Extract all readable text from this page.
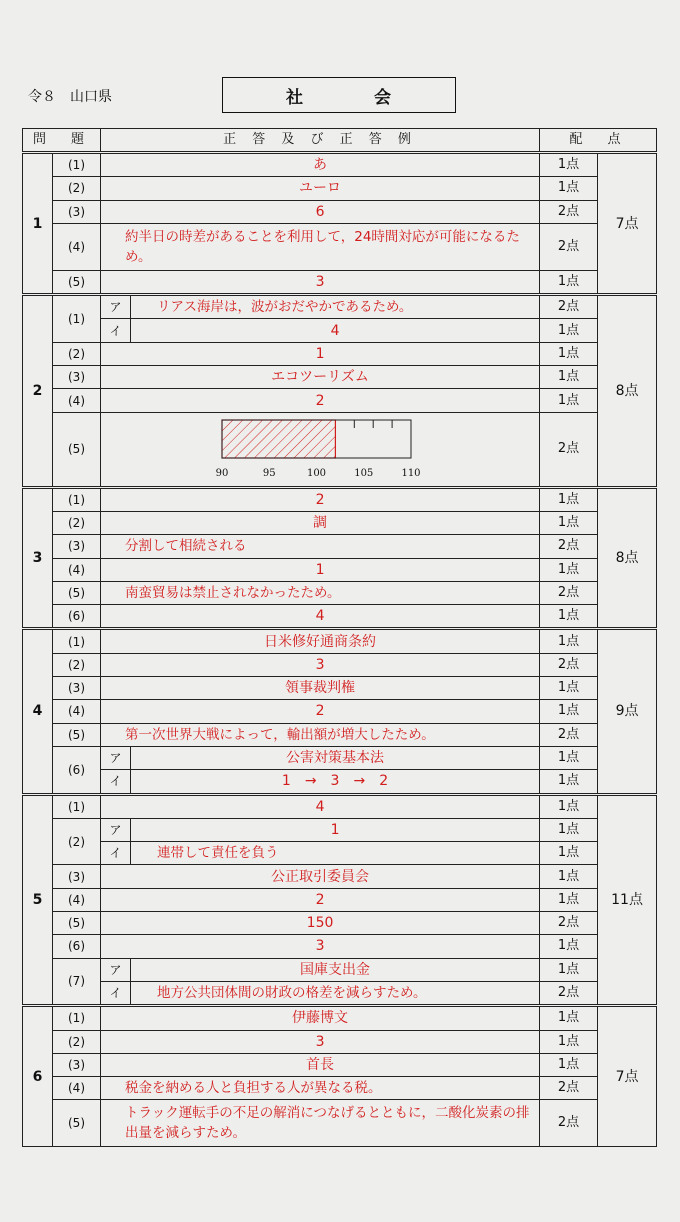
令８　山口県	社	会
問　題		正 答 及 び 正 答 例		配　点	
1	(1)	あ		1点	7点
	(2)	ユーロ		1点	
	(3)	6		2点	
	(4)	約半日の時差があることを利用して，24時間対応が可能になるため。		2点	
	(5)	3		1点	
2	(1)	ア	リアス海岸は，波がおだやかであるため。	2点	8点
		イ	4	1点	
	(2)	1		1点	
	(3)	エコツーリズム		1点	
	(4)	2		1点	
	(5)	90 95 100 105 110		2点	
3	(1)	2		1点	8点
	(2)	調		1点	
	(3)	分割して相続される		2点	
	(4)	1		1点	
	(5)	南蛮貿易は禁止されなかったため。		2点	
	(6)	4		1点	
4	(1)	日米修好通商条約		1点	9点
	(2)	3		2点	
	(3)	領事裁判権		1点	
	(4)	2		1点	
	(5)	第一次世界大戦によって，輸出額が増大したため。		2点	
	(6)	ア	公害対策基本法	1点	
		イ	1　→　3　→　2	1点	
5	(1)	4		1点	11点
	(2)	ア	1	1点	
		イ	連帯して責任を負う	1点	
	(3)	公正取引委員会		1点	
	(4)	2		1点	
	(5)	150		2点	
	(6)	3		1点	
	(7)	ア	国庫支出金	1点	
		イ	地方公共団体間の財政の格差を減らすため。	2点	
6	(1)	伊藤博文		1点	7点
	(2)	3		1点	
	(3)	首長		1点	
	(4)	税金を納める人と負担する人が異なる税。		2点	
	(5)	トラック運転手の不足の解消につなげるとともに，二酸化炭素の排出量を減らすため。		2点	
